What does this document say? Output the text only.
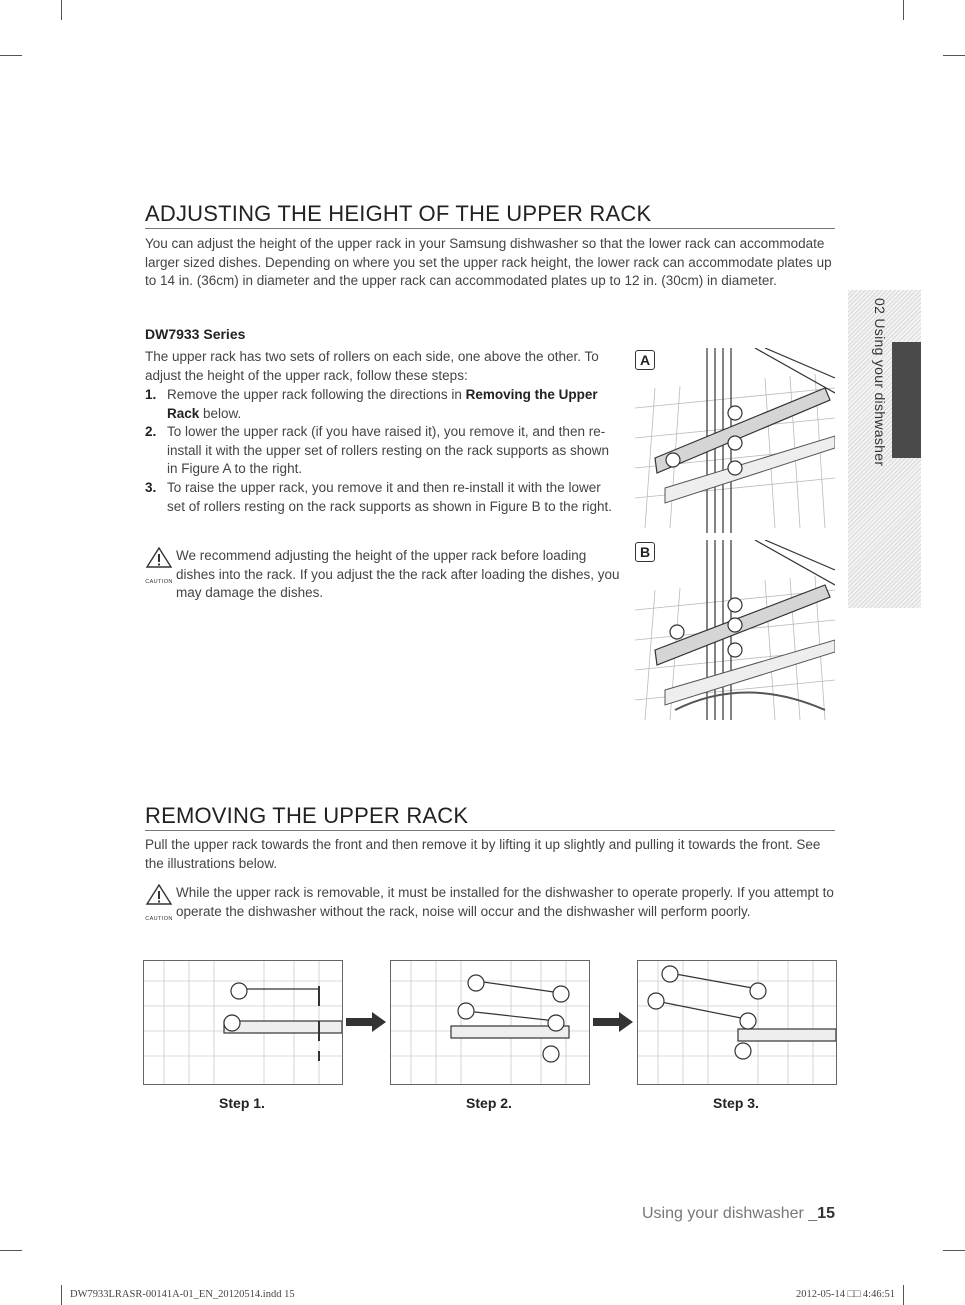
ADJUSTING THE HEIGHT OF THE UPPER RACK

You can adjust the height of the upper rack in your Samsung dishwasher so that the lower rack can accommodate larger sized dishes. Depending on where you set the upper rack height, the lower rack can accommodate plates up to 14 in. (36cm) in diameter and the upper rack can accommodated plates up to 12 in. (30cm) in diameter.

DW7933 Series

The upper rack has two sets of rollers on each side, one above the other. To adjust the height of the upper rack, follow these steps:

1. Remove the upper rack following the directions in Removing the Upper Rack below.
2. To lower the upper rack (if you have raised it), you remove it, and then re-install it with the upper set of rollers resting on the rack supports as shown in Figure A to the right.
3. To raise the upper rack, you remove it and then re-install it with the lower set of rollers resting on the rack supports as shown in Figure B to the right.
CAUTION
We recommend adjusting the height of the upper rack before loading dishes into the rack. If you adjust the the rack after loading the dishes, you may damage the dishes.
A
B
02 Using your dishwasher
REMOVING THE UPPER RACK

Pull the upper rack towards the front and then remove it by lifting it up slightly and pulling it towards the front. See the illustrations below.

CAUTION
While the upper rack is removable, it must be installed for the dishwasher to operate properly. If you attempt to operate the dishwasher without the rack, noise will occur and the dishwasher will perform poorly.
Step 1.	Step 2.	Step 3.
Using your dishwasher _15
DW7933LRASR-00141A-01_EN_20120514.indd 15	2012-05-14 □□ 4:46:51
